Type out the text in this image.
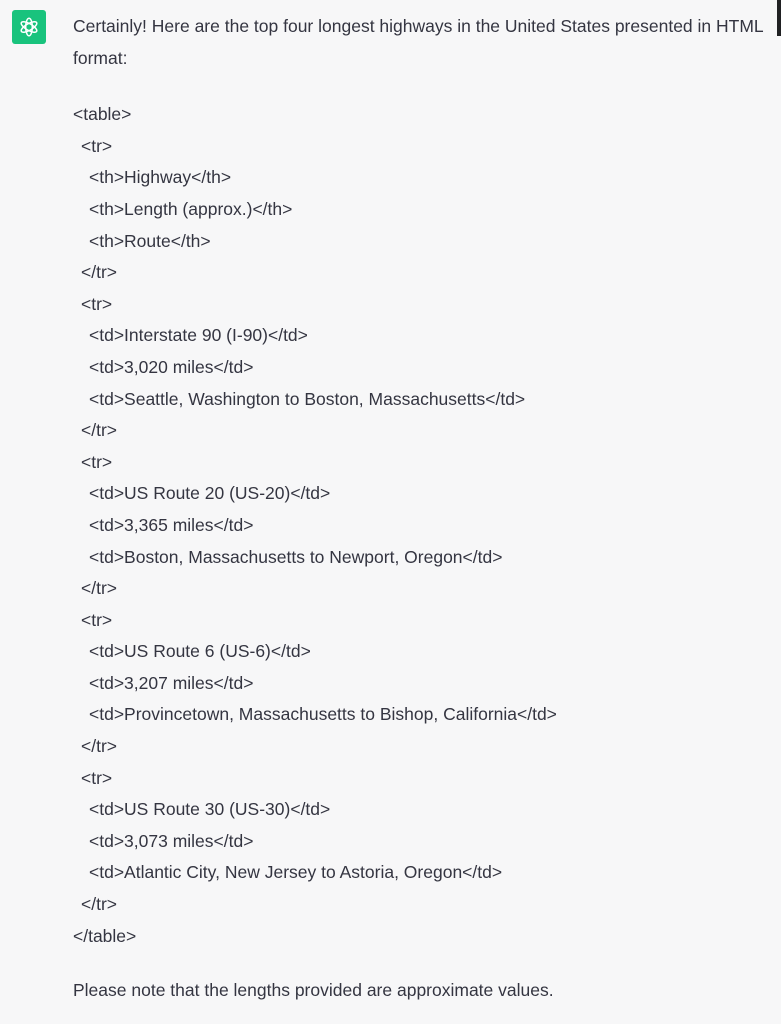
Certainly! Here are the top four longest highways in the United States presented in HTML format:

<table>
<tr>
<th>Highway</th>
<th>Length (approx.)</th>
<th>Route</th>
</tr>
<tr>
<td>Interstate 90 (I-90)</td>
<td>3,020 miles</td>
<td>Seattle, Washington to Boston, Massachusetts</td>
</tr>
<tr>
<td>US Route 20 (US-20)</td>
<td>3,365 miles</td>
<td>Boston, Massachusetts to Newport, Oregon</td>
</tr>
<tr>
<td>US Route 6 (US-6)</td>
<td>3,207 miles</td>
<td>Provincetown, Massachusetts to Bishop, California</td>
</tr>
<tr>
<td>US Route 30 (US-30)</td>
<td>3,073 miles</td>
<td>Atlantic City, New Jersey to Astoria, Oregon</td>
</tr>
</table>

Please note that the lengths provided are approximate values.
